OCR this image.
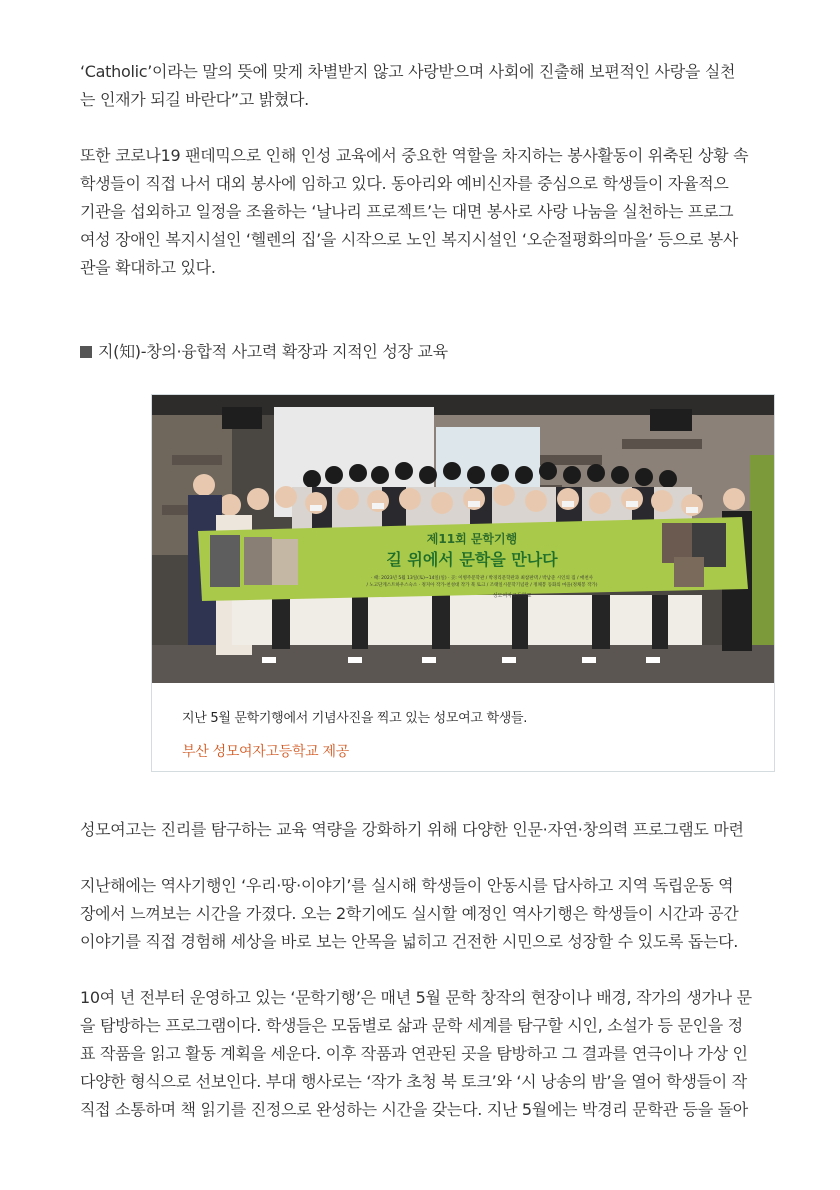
‘Catholic’이라는 말의 뜻에 맞게 차별받지 않고 사랑받으며 사회에 진출해 보편적인 사랑을 실천
는 인재가 되길 바란다”고 밝혔다.
또한 코로나19 팬데믹으로 인해 인성 교육에서 중요한 역할을 차지하는 봉사활동이 위축된 상황 속
학생들이 직접 나서 대외 봉사에 임하고 있다. 동아리와 예비신자를 중심으로 학생들이 자율적으
기관을 섭외하고 일정을 조율하는 ‘날나리 프로젝트’는 대면 봉사로 사랑 나눔을 실천하는 프로그
여성 장애인 복지시설인 ‘헬렌의 집’을 시작으로 노인 복지시설인 ‘오순절평화의마을’ 등으로 봉사
관을 확대하고 있다.
지(知)-창의·융합적 사고력 확장과 지적인 성장 교육
제11회 문학기행
길 위에서 문학을 만나다
· 때: 2023년 5월 13일(토)~14일(일) · 곳: 이병주문학관 / 박경리문학관과 최참판댁 / 박남준 시인의 집 / 매천사
/ 노고단게스트하우스숙소 · 정지아 작가-천성대 작가 북 토크 / 조태일시문학기념관 / 정채봉 동화의 마을(정채봉 작가)
성모여자고등학교
지난 5월 문학기행에서 기념사진을 찍고 있는 성모여고 학생들.
부산 성모여자고등학교 제공
성모여고는 진리를 탐구하는 교육 역량을 강화하기 위해 다양한 인문·자연·창의력 프로그램도 마련
지난해에는 역사기행인 ‘우리·땅·이야기’를 실시해 학생들이 안동시를 답사하고 지역 독립운동 역
장에서 느껴보는 시간을 가졌다. 오는 2학기에도 실시할 예정인 역사기행은 학생들이 시간과 공간
이야기를 직접 경험해 세상을 바로 보는 안목을 넓히고 건전한 시민으로 성장할 수 있도록 돕는다.
10여 년 전부터 운영하고 있는 ‘문학기행’은 매년 5월 문학 창작의 현장이나 배경, 작가의 생가나 문
을 탐방하는 프로그램이다. 학생들은 모둠별로 삶과 문학 세계를 탐구할 시인, 소설가 등 문인을 정
표 작품을 읽고 활동 계획을 세운다. 이후 작품과 연관된 곳을 탐방하고 그 결과를 연극이나 가상 인
다양한 형식으로 선보인다. 부대 행사로는 ‘작가 초청 북 토크’와 ‘시 낭송의 밤’을 열어 학생들이 작
직접 소통하며 책 읽기를 진정으로 완성하는 시간을 갖는다. 지난 5월에는 박경리 문학관 등을 돌아
